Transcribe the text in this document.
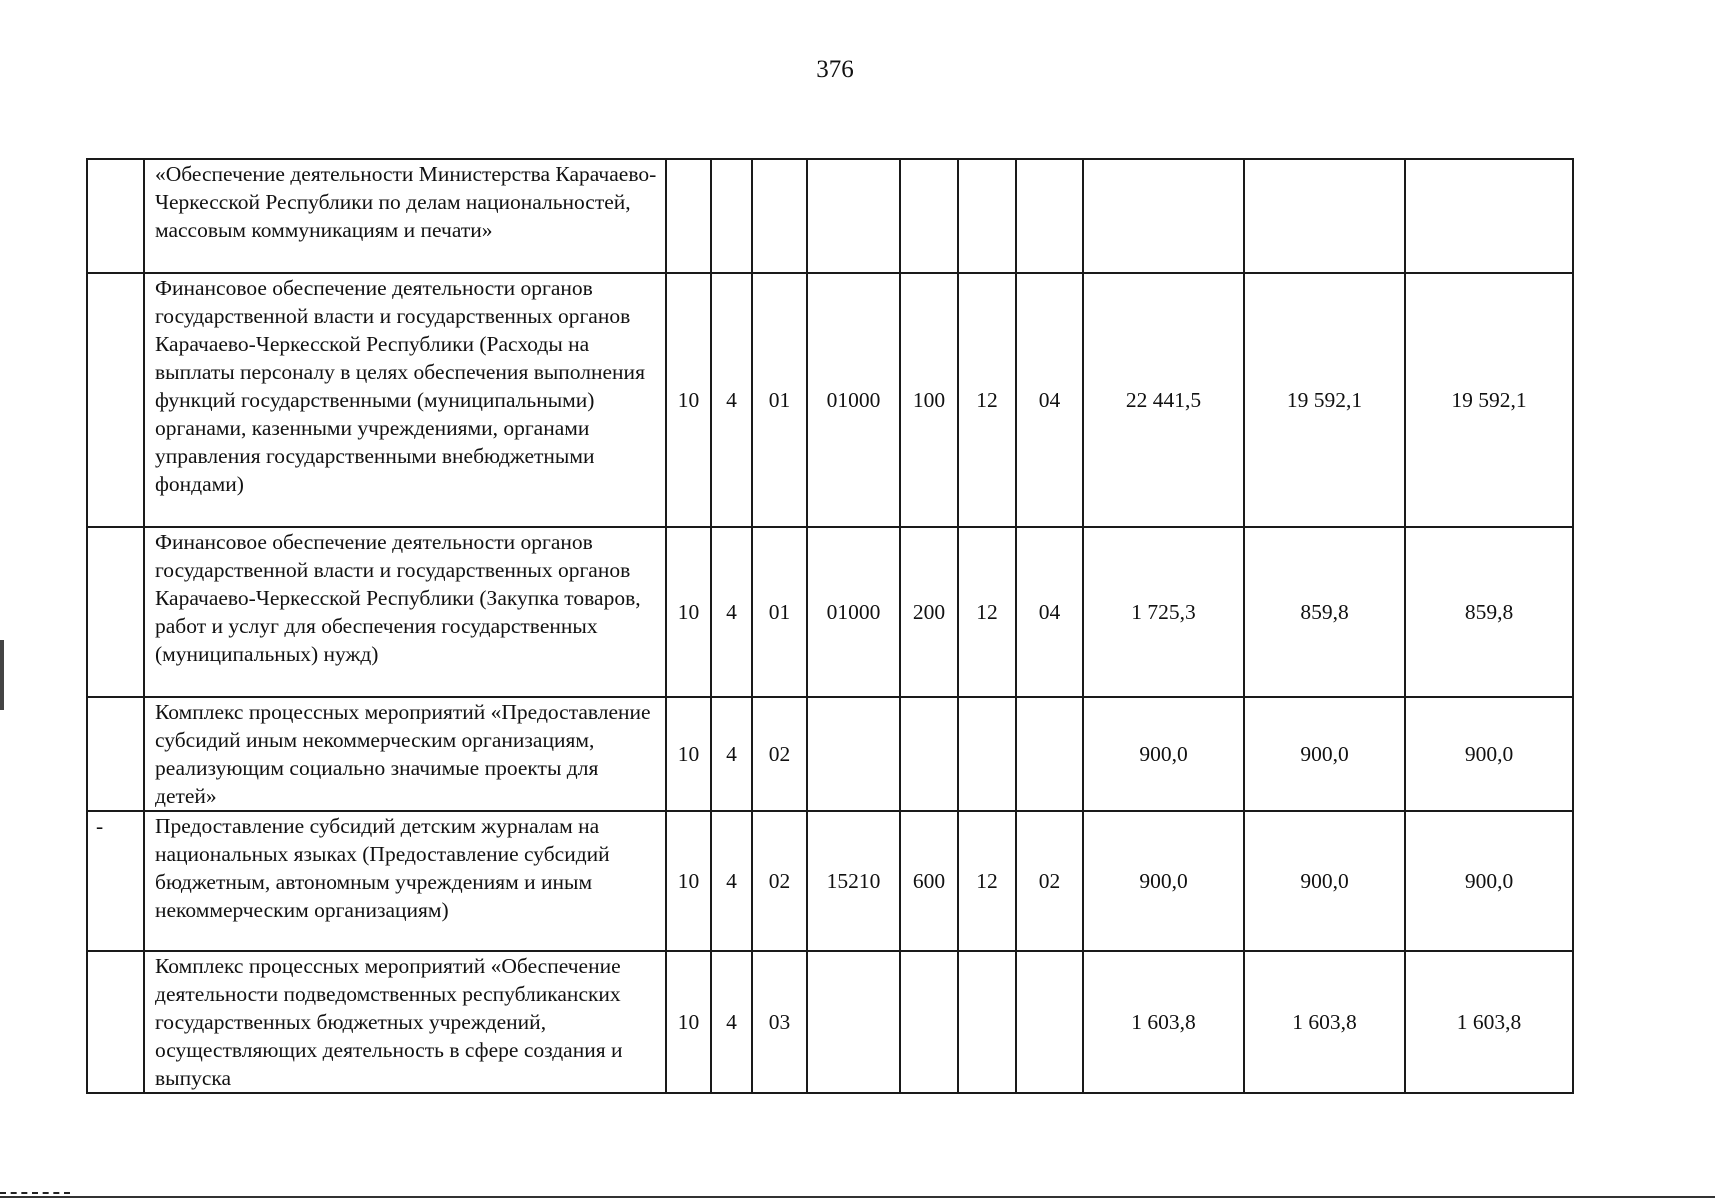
376
	«Обеспечение деятельности Министерства Карачаево-Черкесской Республики по делам национальностей, массовым коммуникациям и печати»										
	Финансовое обеспечение деятельности органов государственной власти и государственных органов Карачаево-Черкесской Республики (Расходы на выплаты персоналу в целях обеспечения выполнения функций государственными (муниципальными) органами, казенными учреждениями, органами управления государственными внебюджетными фондами)	10	4	01	01000	100	12	04	22 441,5	19 592,1	19 592,1
	Финансовое обеспечение деятельности органов государственной власти и государственных органов Карачаево-Черкесской Республики (Закупка товаров, работ и услуг для обеспечения государственных (муниципальных) нужд)	10	4	01	01000	200	12	04	1 725,3	859,8	859,8
	Комплекс процессных мероприятий «Предоставление субсидий иным некоммерческим организациям, реализующим социально значимые проекты для детей»	10	4	02					900,0	900,0	900,0
-	Предоставление субсидий детским журналам на национальных языках (Предоставление субсидий бюджетным, автономным учреждениям и иным некоммерческим организациям)	10	4	02	15210	600	12	02	900,0	900,0	900,0
	Комплекс процессных мероприятий «Обеспечение деятельности подведомственных республиканских государственных бюджетных учреждений, осуществляющих деятельность в сфере создания и выпуска	10	4	03					1 603,8	1 603,8	1 603,8
